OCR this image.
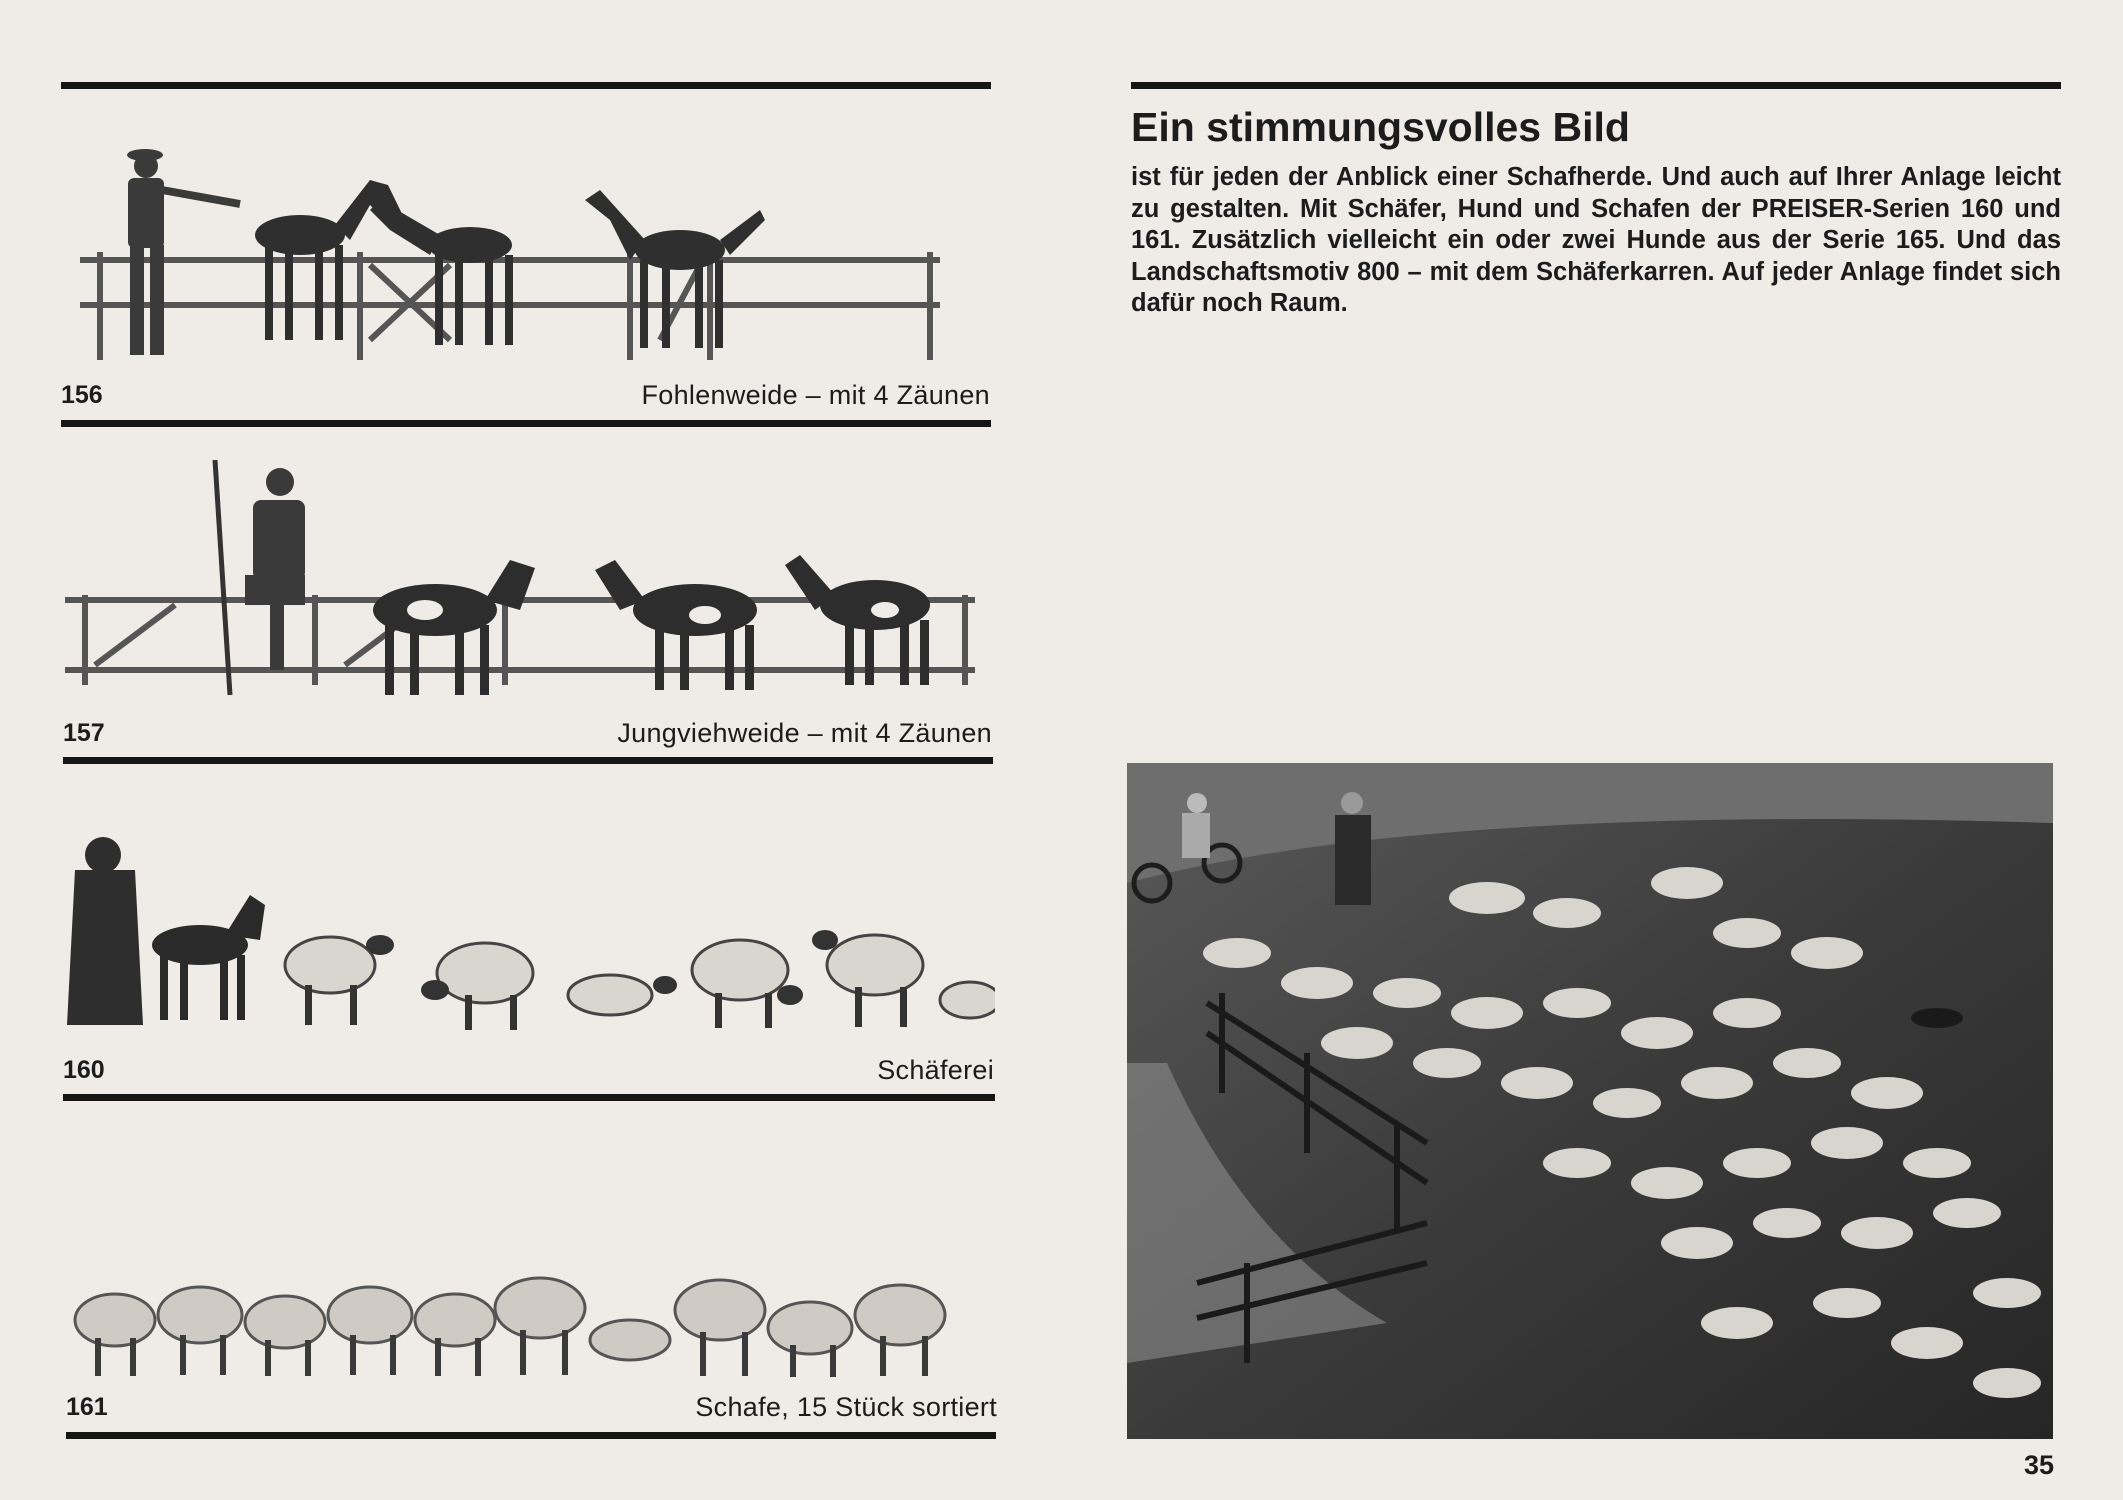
156	Fohlenweide – mit 4 Zäunen
157	Jungviehweide – mit 4 Zäunen
160	Schäferei
161	Schafe, 15 Stück sortiert
Ein stimmungsvolles Bild

ist für jeden der Anblick einer Schafherde. Und auch auf Ihrer Anlage leicht zu gestalten. Mit Schäfer, Hund und Schafen der PREISER-Serien 160 und 161. Zusätzlich vielleicht ein oder zwei Hunde aus der Serie 165. Und das Landschaftsmotiv 800 – mit dem Schäferkarren. Auf jeder Anlage findet sich dafür noch Raum.

35
